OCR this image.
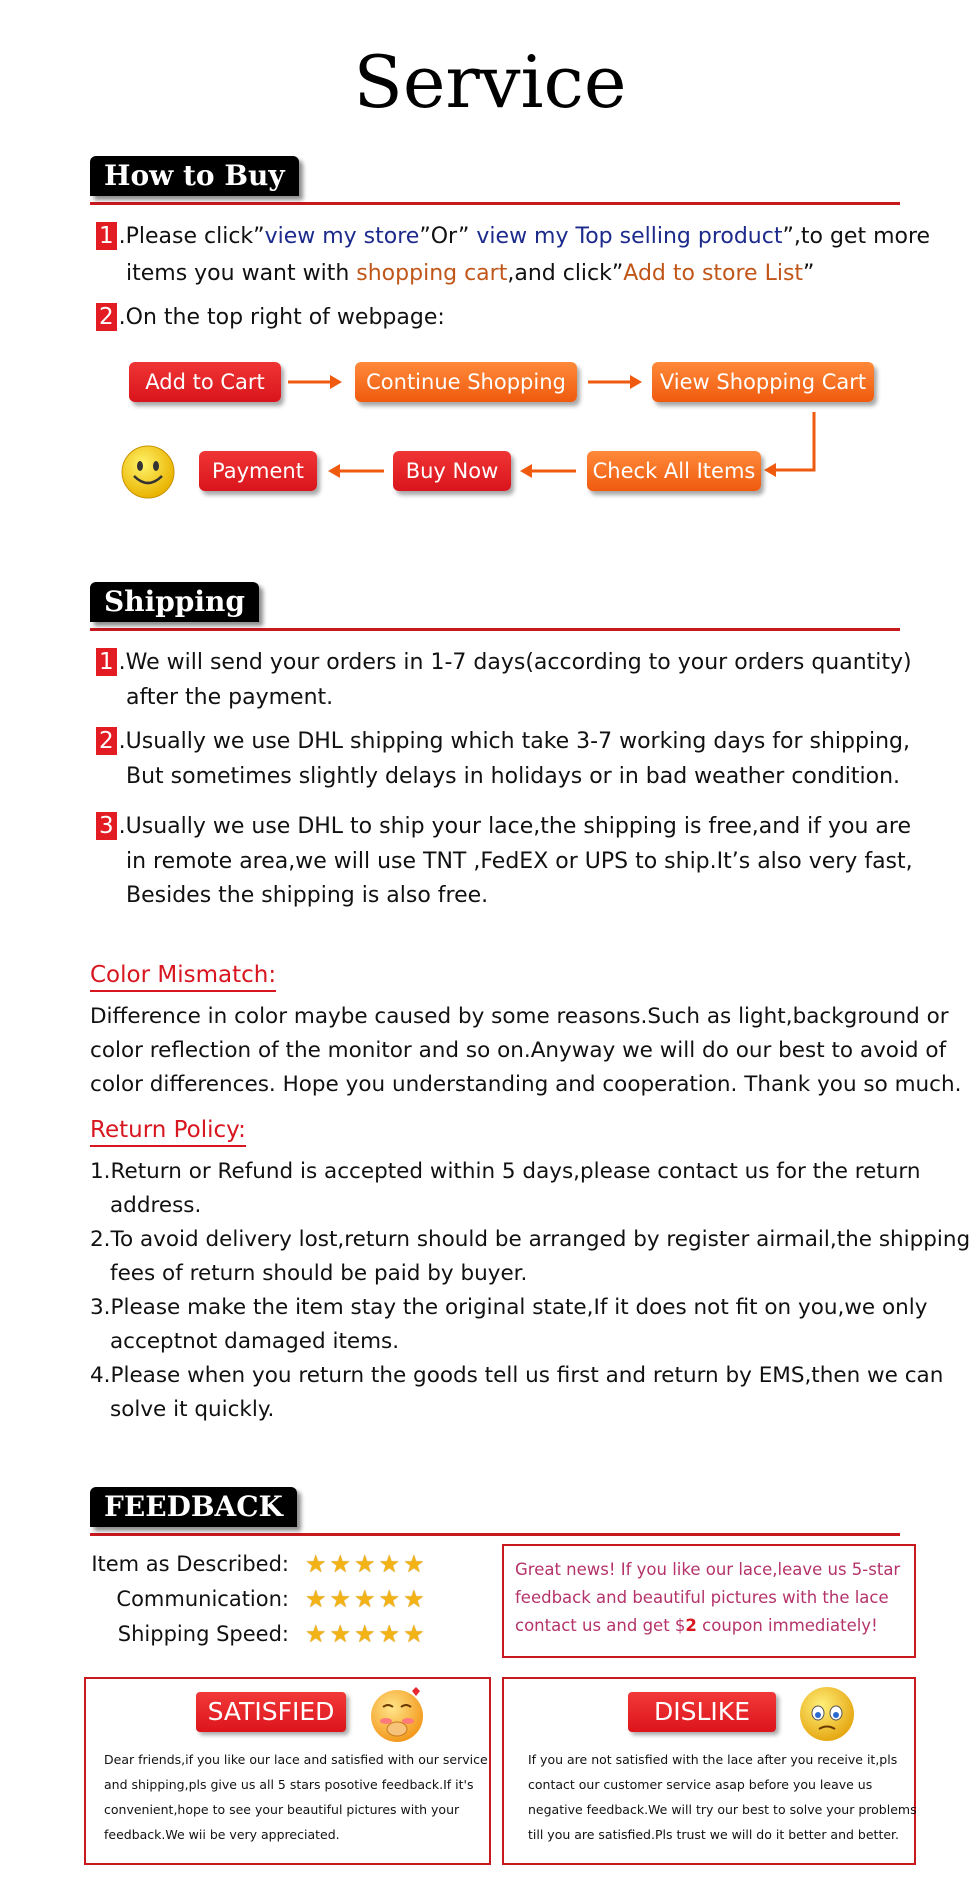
Service
How to Buy
1 .Please click”view my store”Or” view my Top selling product”,to get more
items you want with shopping cart,and click”Add to store List”
2 .On the top right of webpage:
Add to Cart	Continue Shopping	View Shopping Cart
Payment	Buy Now	Check All Items
Shipping
1 .We will send your orders in 1-7 days(according to your orders quantity)
after the payment.
2 .Usually we use DHL shipping which take 3-7 working days for shipping,
But sometimes slightly delays in holidays or in bad weather condition.
3 .Usually we use DHL to ship your lace,the shipping is free,and if you are
in remote area,we will use TNT ,FedEX or UPS to ship.It’s also very fast,
Besides the shipping is also free.
Color Mismatch:
Difference in color maybe caused by some reasons.Such as light,background or
color reflection of the monitor and so on.Anyway we will do our best to avoid of
color differences. Hope you understanding and cooperation. Thank you so much.
Return Policy:
1.Return or Refund is accepted within 5 days,please contact us for the return
address.
2.To avoid delivery lost,return should be arranged by register airmail,the shipping
fees of return should be paid by buyer.
3.Please make the item stay the original state,If it does not fit on you,we only
acceptnot damaged items.
4.Please when you return the goods tell us first and return by EMS,then we can
solve it quickly.
FEEDBACK
Item as Described: ★★★★★
Communication: ★★★★★
Shipping Speed: ★★★★★
Great news! If you like our lace,leave us 5-star
feedback and beautiful pictures with the lace
contact us and get $2 coupon immediately!
SATISFIED
Dear friends,if you like our lace and satisfied with our service
and shipping,pls give us all 5 stars posotive feedback.If it's
convenient,hope to see your beautiful pictures with your
feedback.We wii be very appreciated.
DISLIKE
If you are not satisfied with the lace after you receive it,pls
contact our customer service asap before you leave us
negative feedback.We will try our best to solve your problems
till you are satisfied.Pls trust we will do it better and better.
